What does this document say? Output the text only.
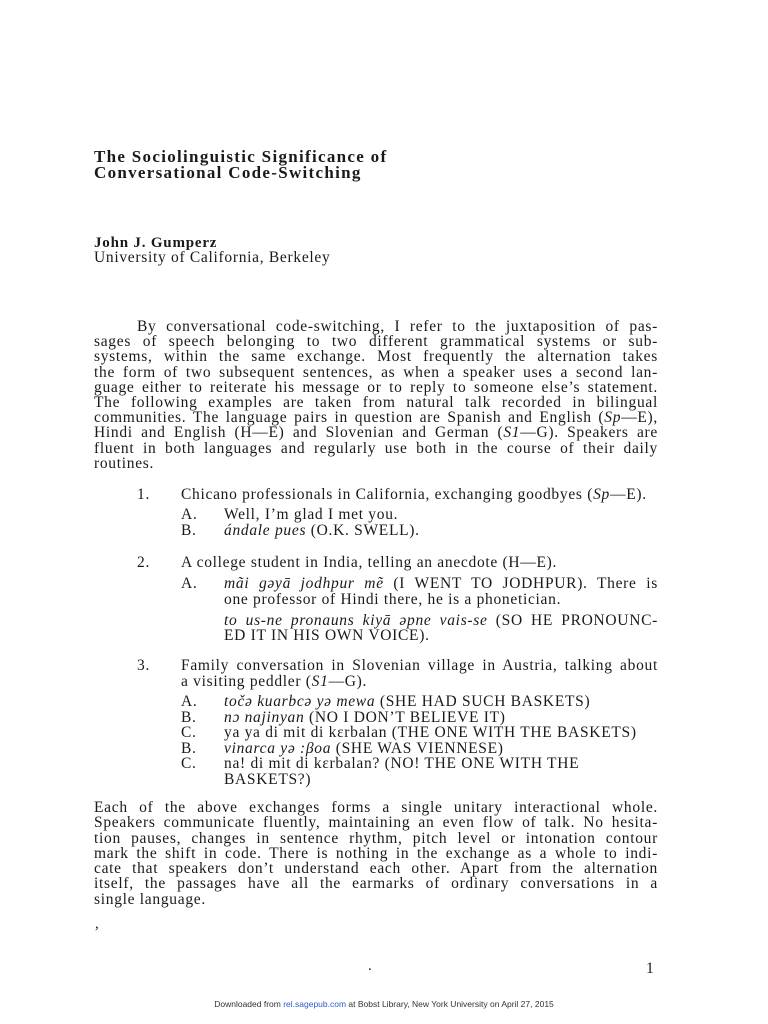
The Sociolinguistic Significance of
Conversational Code-Switching
John J. Gumperz
University of California, Berkeley
By conversational code-switching, I refer to the juxtaposition of pas-
sages of speech belonging to two different grammatical systems or sub-
systems, within the same exchange. Most frequently the alternation takes
the form of two subsequent sentences, as when a speaker uses a second lan-
guage either to reiterate his message or to reply to someone else’s statement.
The following examples are taken from natural talk recorded in bilingual
communities. The language pairs in question are Spanish and English (Sp—E),
Hindi and English (H—E) and Slovenian and German (S1—G). Speakers are
fluent in both languages and regularly use both in the course of their daily
routines.
1. Chicano professionals in California, exchanging goodbyes (Sp—E).
A. Well, I’m glad I met you.
B. ándale pues (O.K. SWELL).
2. A college student in India, telling an anecdote (H—E).
A. mãi gəyā jodhpur mẽ (I WENT TO JODHPUR). There is
one professor of Hindi there, he is a phonetician.
to us-ne pronauns kiyā əpne vais-se (SO HE PRONOUNC-
ED IT IN HIS OWN VOICE).
3. Family conversation in Slovenian village in Austria, talking about
a visiting peddler (S1—G).
A. točə kuarbcə yə mewa (SHE HAD SUCH BASKETS)
B. nɔ najinyan (NO I DON’T BELIEVE IT)
C. ya ya di mit di kɛrbalan (THE ONE WITH THE BASKETS)
B. vinarca yə :βoa (SHE WAS VIENNESE)
C. na! di mit di kɛrbalan? (NO! THE ONE WITH THE
BASKETS?)
Each of the above exchanges forms a single unitary interactional whole.
Speakers communicate fluently, maintaining an even flow of talk. No hesita-
tion pauses, changes in sentence rhythm, pitch level or intonation contour
mark the shift in code. There is nothing in the exchange as a whole to indi-
cate that speakers don’t understand each other. Apart from the alternation
itself, the passages have all the earmarks of ordinary conversations in a
single language.
,
.	1
Downloaded from rel.sagepub.com at Bobst Library, New York University on April 27, 2015
